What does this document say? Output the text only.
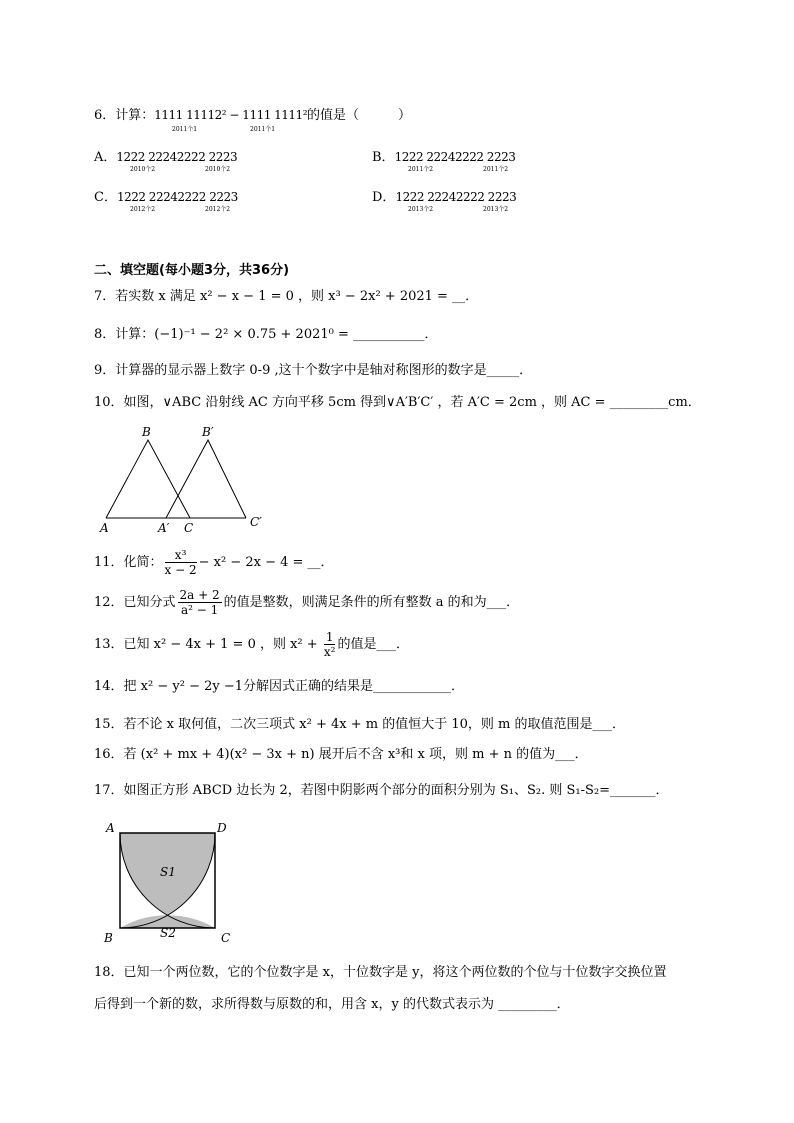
6．计算：1111 11112² − 1111 1111²的值是（　　　）
2011个1	2011个1
A．1222 22242222 2223
2010个2	2010个2
B．1222 22242222 2223
2011个2	2011个2
C．1222 22242222 2223
2012个2	2012个2
D．1222 22242222 2223
2013个2	2013个2
二、填空题(每小题3分，共36分)
7．若实数 x 满足 x² − x − 1 = 0 ，则 x³ − 2x² + 2021 = __．
8．计算：(−1)⁻¹ − 2² × 0.75 + 2021⁰ = ___________．
9．计算器的显示器上数字 0-9 ,这十个数字中是轴对称图形的数字是_____．
10．如图，∨ABC 沿射线 AC 方向平移 5cm 得到∨A′B′C′ ，若 A′C = 2cm ，则 AC = _________cm．
A
B
A′
B′
C	C′
11．化简： $\frac{\text{x³}}{x - 2} - x^2 - 2x - 4$ = __．
12．已知分式 $\frac{2a + 2}{\text{a² − 1}}$ 的值是整数，则满足条件的所有整数 a 的和为___．
13．已知 x² − 4x + 1 = 0 ，则 $x^2 + \frac{1}{\text{x²}}$ 的值是___．
14．把 x² − y² − 2y −1分解因式正确的结果是____________．
15．若不论 x 取何值，二次三项式 x² + 4x + m 的值恒大于 10，则 m 的取值范围是___．
16．若 (x² + mx + 4)(x² − 3x + n) 展开后不含 x³和 x 项，则 m + n 的值为___．
17．如图正方形 ABCD 边长为 2，若图中阴影两个部分的面积分别为 S₁、S₂. 则 S₁-S₂=_______．
A	D
B	C
S1
S2
18．已知一个两位数，它的个位数字是 x，十位数字是 y，将这个两位数的个位与十位数字交换位置
后得到一个新的数，求所得数与原数的和，用含 x，y 的代数式表示为 _________．
